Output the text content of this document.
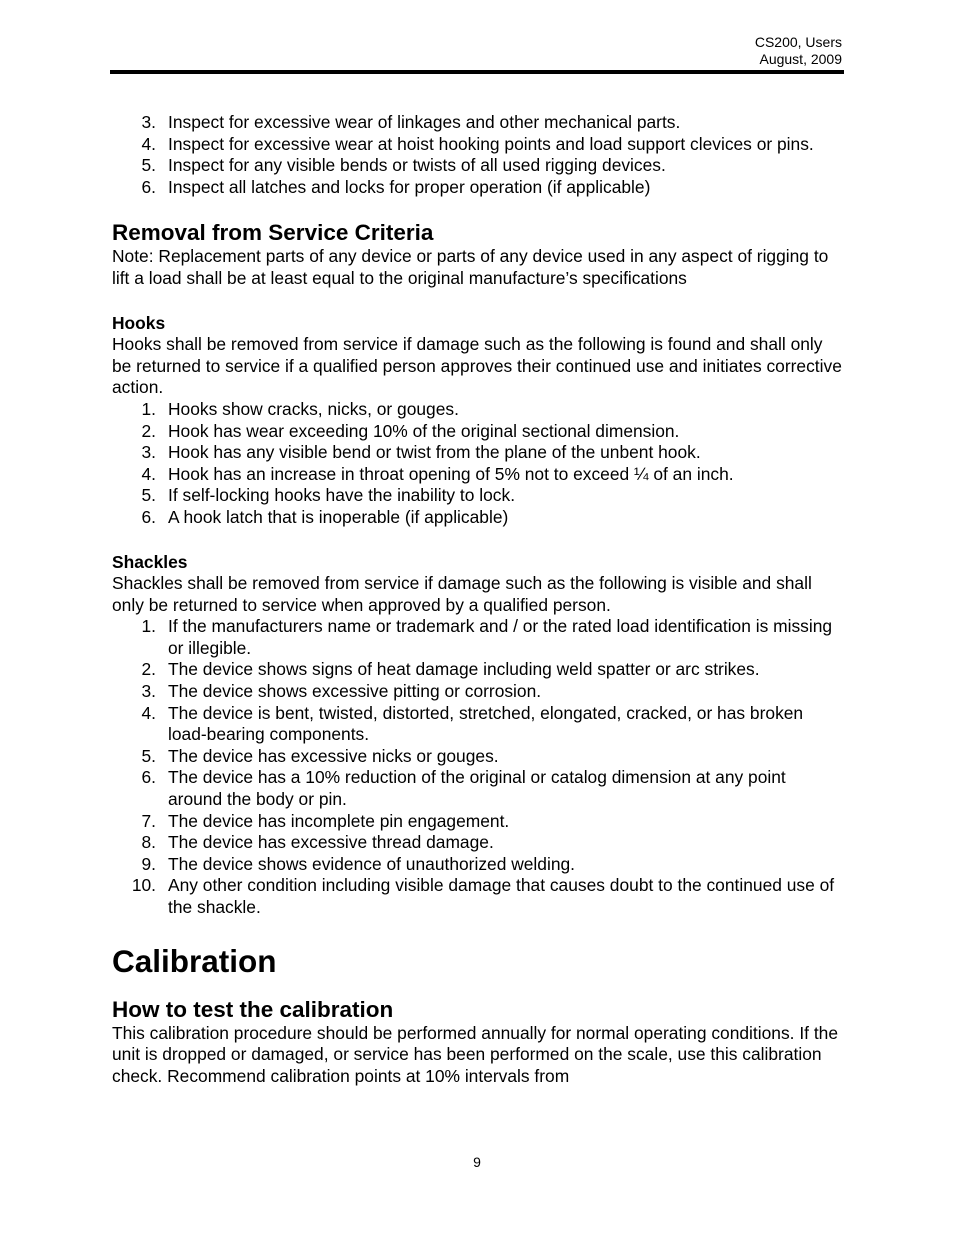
CS200, Users
August, 2009
3. Inspect for excessive wear of linkages and other mechanical parts.
4. Inspect for excessive wear at hoist hooking points and load support clevices or pins.
5. Inspect for any visible bends or twists of all used rigging devices.
6. Inspect all latches and locks for proper operation (if applicable)
Removal from Service Criteria

Note: Replacement parts of any device or parts of any device used in any aspect of rigging to lift a load shall be at least equal to the original manufacture’s specifications

Hooks

Hooks shall be removed from service if damage such as the following is found and shall only be returned to service if a qualified person approves their continued use and initiates corrective action.

1. Hooks show cracks, nicks, or gouges.
2. Hook has wear exceeding 10% of the original sectional dimension.
3. Hook has any visible bend or twist from the plane of the unbent hook.
4. Hook has an increase in throat opening of 5% not to exceed ¼ of an inch.
5. If self-locking hooks have the inability to lock.
6. A hook latch that is inoperable (if applicable)
Shackles

Shackles shall be removed from service if damage such as the following is visible and shall only be returned to service when approved by a qualified person.

1. If the manufacturers name or trademark and / or the rated load identification is missing or illegible.
2. The device shows signs of heat damage including weld spatter or arc strikes.
3. The device shows excessive pitting or corrosion.
4. The device is bent, twisted, distorted, stretched, elongated, cracked, or has broken load-bearing components.
5. The device has excessive nicks or gouges.
6. The device has a 10% reduction of the original or catalog dimension at any point around the body or pin.
7. The device has incomplete pin engagement.
8. The device has excessive thread damage.
9. The device shows evidence of unauthorized welding.
10. Any other condition including visible damage that causes doubt to the continued use of the shackle.
Calibration
How to test the calibration

This calibration procedure should be performed annually for normal operating conditions. If the unit is dropped or damaged, or service has been performed on the scale, use this calibration check. Recommend calibration points at 10% intervals from

9
